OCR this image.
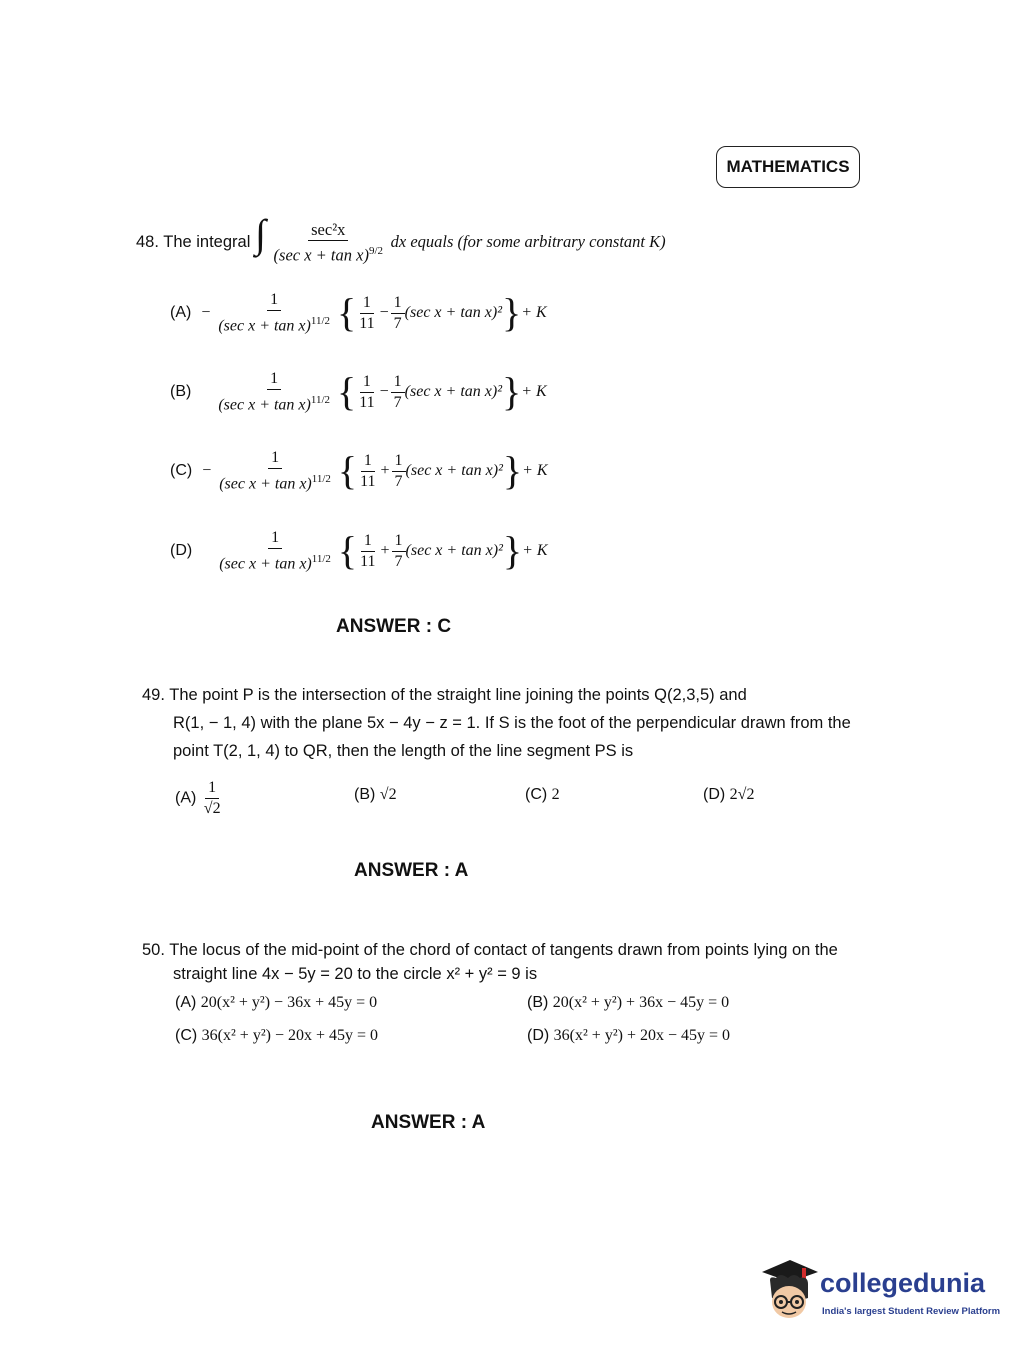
MATHEMATICS
48. The integral ∫ $\frac{\text{sec²x}}{(\sec x + \tan x)^{9/2}}$ dx equals (for some arbitrary constant K)
$(A) - \frac{1}{(\sec x + \tan x)^{11/2}}$ { $\frac{1}{11} - \frac{1}{7} (\sec$ x + tan x)² } + K
$(B) \frac{1}{(\sec x + \tan x)^{11/2}}$ { $\frac{1}{11} - \frac{1}{7} (\sec$ x + tan x)² } + K
$(C) - \frac{1}{(\sec x + \tan x)^{11/2}}$ { $\frac{1}{11} + \frac{1}{7} (\sec$ x + tan x)² } + K
$(D) \frac{1}{(\sec x + \tan x)^{11/2}}$ { $\frac{1}{11} + \frac{1}{7} (\sec$ x + tan x)² } + K
ANSWER : C
49. The point P is the intersection of the straight line joining the points Q(2,3,5) and
R(1, − 1, 4) with the plane 5x − 4y − z = 1. If S is the foot of the perpendicular drawn from the
point T(2, 1, 4) to QR, then the length of the line segment PS is
$(A) \frac{1}{√2}$	(B) √2	(C) 2	(D) 2√2
ANSWER : A
50. The locus of the mid-point of the chord of contact of tangents drawn from points lying on the
straight line 4x − 5y = 20 to the circle x² + y² = 9 is
(A) 20(x² + y²) − 36x + 45y = 0	(B) 20(x² + y²) + 36x − 45y = 0
(C) 36(x² + y²) − 20x + 45y = 0	(D) 36(x² + y²) + 20x − 45y = 0
ANSWER : A
collegedunia
India's largest Student Review Platform
